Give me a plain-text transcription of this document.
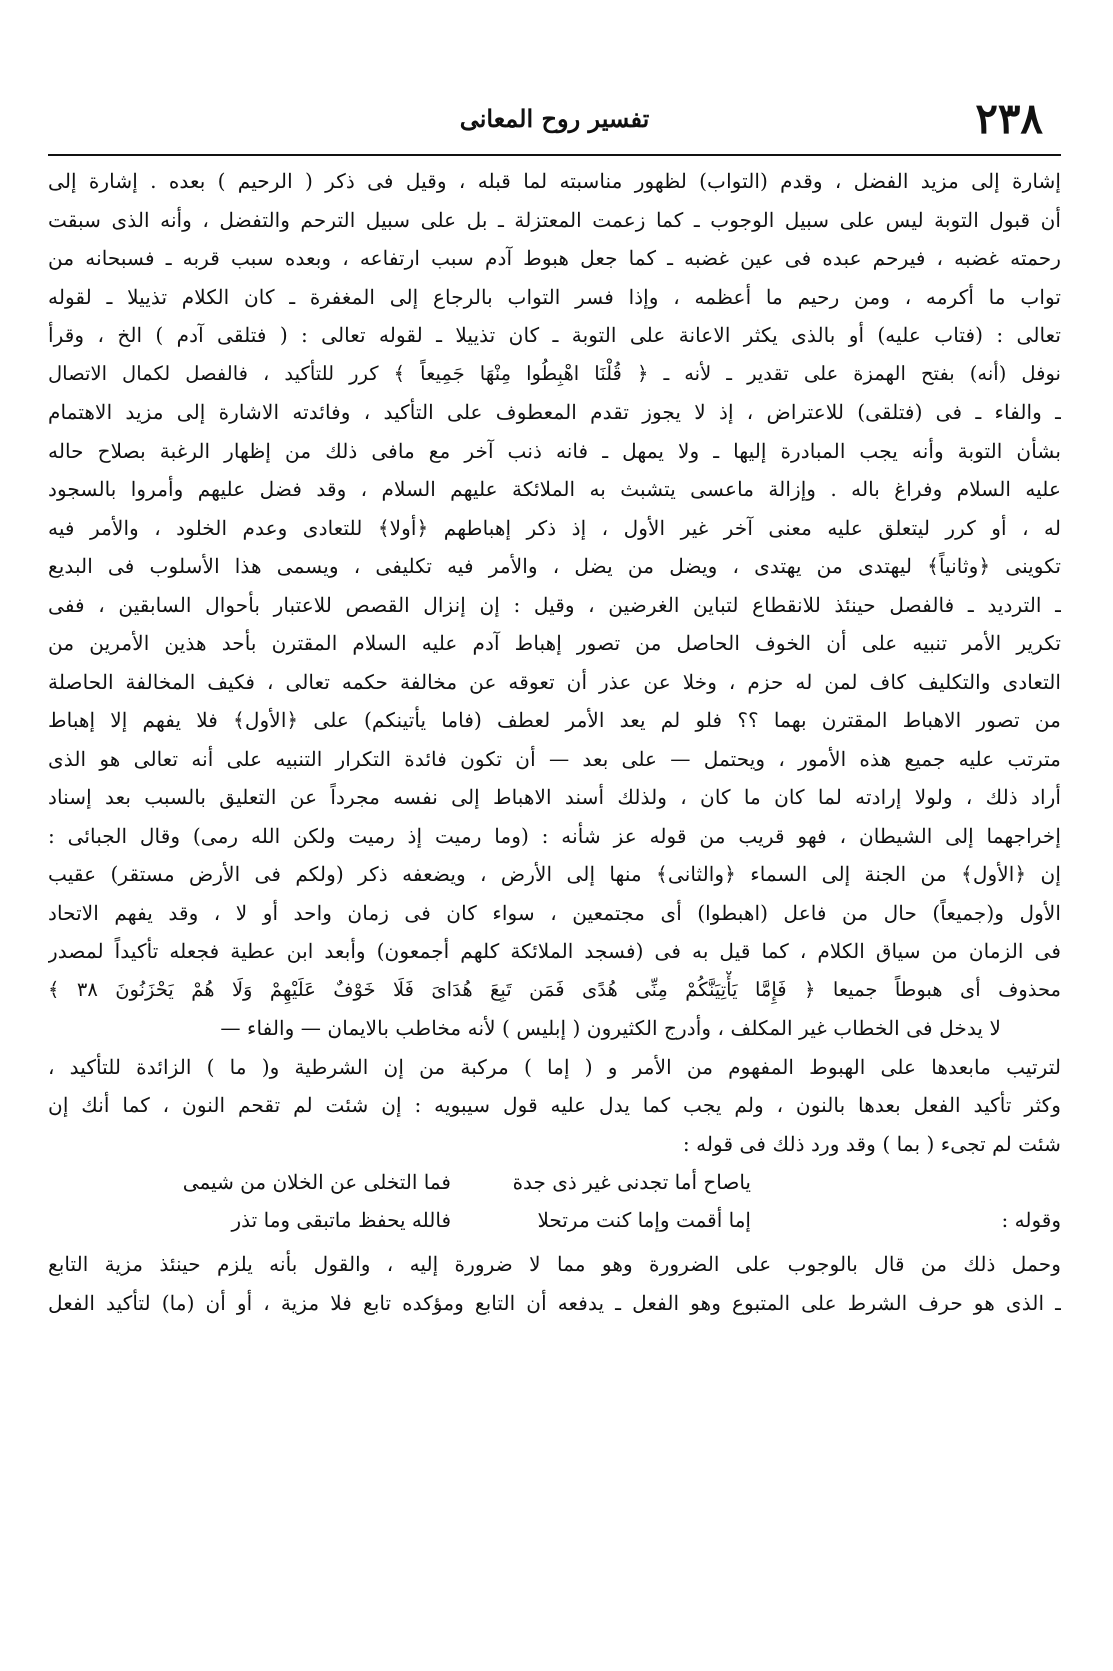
٢٣٨
تفسير روح المعانى
إشارة إلى مزيد الفضل ، وقدم (التواب) لظهور مناسبته لما قبله ، وقيل فى ذكر ( الرحيم ) بعده . إشارة إلى
أن قبول التوبة ليس على سبيل الوجوب ـ كما زعمت المعتزلة ـ بل على سبيل الترحم والتفضل ، وأنه الذى سبقت
رحمته غضبه ، فيرحم عبده فى عين غضبه ـ كما جعل هبوط آدم سبب ارتفاعه ، وبعده سبب قربه ـ فسبحانه من
تواب ما أكرمه ، ومن رحيم ما أعظمه ، وإذا فسر التواب بالرجاع إلى المغفرة ـ كان الكلام تذييلا ـ لقوله
تعالى : (فتاب عليه) أو بالذى يكثر الاعانة على التوبة ـ كان تذييلا ـ لقوله تعالى : ( فتلقى آدم ) الخ ، وقرأ
نوفل (أنه) بفتح الهمزة على تقدير ـ لأنه ـ ﴿ قُلْنَا اهْبِطُوا مِنْهَا جَمِيعاً ﴾ كرر للتأكيد ، فالفصل لكمال الاتصال
ـ والفاء ـ فى (فتلقى) للاعتراض ، إذ لا يجوز تقدم المعطوف على التأكيد ، وفائدته الاشارة إلى مزيد الاهتمام
بشأن التوبة وأنه يجب المبادرة إليها ـ ولا يمهل ـ فانه ذنب آخر مع مافى ذلك من إظهار الرغبة بصلاح حاله
عليه السلام وفراغ باله . وإزالة ماعسى يتشبث به الملائكة عليهم السلام ، وقد فضل عليهم وأمروا بالسجود
له ، أو كرر ليتعلق عليه معنى آخر غير الأول ، إذ ذكر إهباطهم ﴿أولا﴾ للتعادى وعدم الخلود ، والأمر فيه
تكوينى ﴿وثانياً﴾ ليهتدى من يهتدى ، ويضل من يضل ، والأمر فيه تكليفى ، ويسمى هذا الأسلوب فى البديع
ـ الترديد ـ فالفصل حينئذ للانقطاع لتباين الغرضين ، وقيل : إن إنزال القصص للاعتبار بأحوال السابقين ، ففى
تكرير الأمر تنبيه على أن الخوف الحاصل من تصور إهباط آدم عليه السلام المقترن بأحد هذين الأمرين من
التعادى والتكليف كاف لمن له حزم ، وخلا عن عذر أن تعوقه عن مخالفة حكمه تعالى ، فكيف المخالفة الحاصلة
من تصور الاهباط المقترن بهما ؟؟ فلو لم يعد الأمر لعطف (فاما يأتينكم) على ﴿الأول﴾ فلا يفهم إلا إهباط
مترتب عليه جميع هذه الأمور ، ويحتمل — على بعد — أن تكون فائدة التكرار التنبيه على أنه تعالى هو الذى
أراد ذلك ، ولولا إرادته لما كان ما كان ، ولذلك أسند الاهباط إلى نفسه مجرداً عن التعليق بالسبب بعد إسناد
إخراجهما إلى الشيطان ، فهو قريب من قوله عز شأنه : (وما رميت إذ رميت ولكن الله رمى) وقال الجبائى :
إن ﴿الأول﴾ من الجنة إلى السماء ﴿والثانى﴾ منها إلى الأرض ، ويضعفه ذكر (ولكم فى الأرض مستقر) عقيب
الأول و(جميعاً) حال من فاعل (اهبطوا) أى مجتمعين ، سواء كان فى زمان واحد أو لا ، وقد يفهم الاتحاد
فى الزمان من سياق الكلام ، كما قيل به فى (فسجد الملائكة كلهم أجمعون) وأبعد ابن عطية فجعله تأكيداً لمصدر
محذوف أى هبوطاً جميعا ﴿ فَإِمَّا يَأْتِيَنَّكُمْ مِنِّى هُدًى فَمَن تَبِعَ هُدَاىَ فَلَا خَوْفٌ عَلَيْهِمْ وَلَا هُمْ يَحْزَنُونَ ٣٨ ﴾
لا يدخل فى الخطاب غير المكلف ، وأدرج الكثيرون ( إبليس ) لأنه مخاطب بالايمان — والفاء —
لترتيب مابعدها على الهبوط المفهوم من الأمر و ( إما ) مركبة من إن الشرطية و( ما ) الزائدة للتأكيد ،
وكثر تأكيد الفعل بعدها بالنون ، ولم يجب كما يدل عليه قول سيبويه : إن شئت لم تقحم النون ، كما أنك إن
شئت لم تجىء ( بما ) وقد ورد ذلك فى قوله :
ياصاح أما تجدنى غير ذى جدة
فما التخلى عن الخلان من شيمى
وقوله :
إما أقمت وإما كنت مرتحلا
فالله يحفظ ماتبقى وما تذر
وحمل ذلك من قال بالوجوب على الضرورة وهو مما لا ضرورة إليه ، والقول بأنه يلزم حينئذ مزية التابع
ـ الذى هو حرف الشرط على المتبوع وهو الفعل ـ يدفعه أن التابع ومؤكده تابع فلا مزية ، أو أن (ما) لتأكيد الفعل
